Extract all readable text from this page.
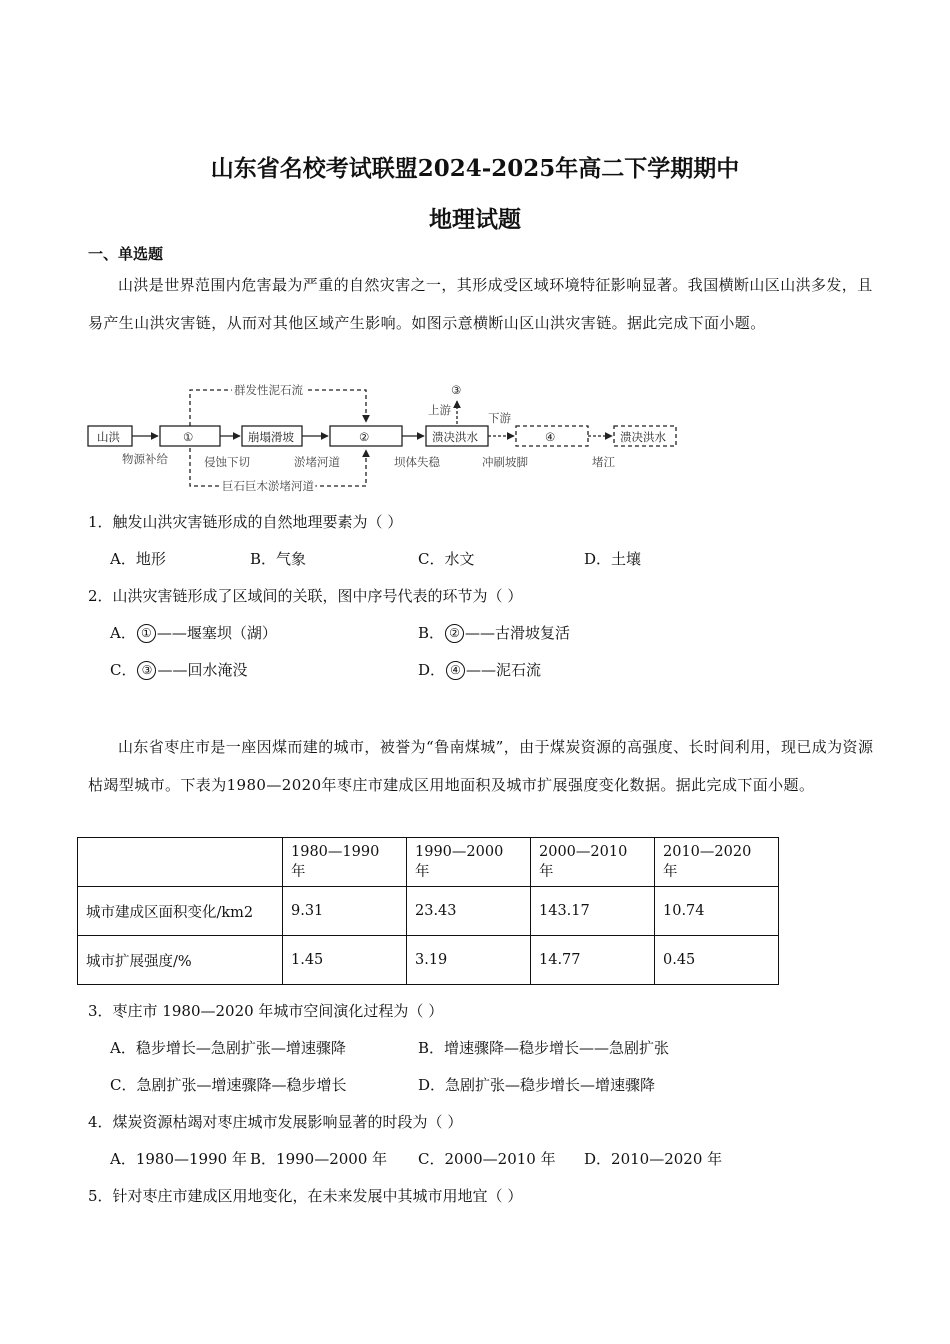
山东省名校考试联盟2024-2025年高二下学期期中
地理试题
一、单选题
山洪是世界范围内危害最为严重的自然灾害之一，其形成受区域环境特征影响显著。我国横断山区山洪多发，且易产生山洪灾害链，从而对其他区域产生影响。如图示意横断山区山洪灾害链。据此完成下面小题。
群发性泥石流
巨石巨木淤堵河道
山洪	①	崩塌滑坡	②	溃决洪水	④	溃决洪水
③
上游
下游
物源补给	侵蚀下切	淤堵河道	坝体失稳	冲刷坡脚	堵江
1．触发山洪灾害链形成的自然地理要素为（ ）
A．地形	B．气象	C．水文	D．土壤
2．山洪灾害链形成了区域间的关联，图中序号代表的环节为（ ）
A． ① ——堰塞坝（湖）	B． ② ——古滑坡复活
C． ③ ——回水淹没	D． ④ ——泥石流
山东省枣庄市是一座因煤而建的城市，被誉为“鲁南煤城”，由于煤炭资源的高强度、长时间利用，现已成为资源枯竭型城市。下表为1980—2020年枣庄市建成区用地面积及城市扩展强度变化数据。据此完成下面小题。
	1980—1990 年	1990—2000 年	2000—2010 年	2010—2020 年
城市建成区面积变化/km2	9.31	23.43	143.17	10.74
城市扩展强度/%	1.45	3.19	14.77	0.45
3．枣庄市 1980—2020 年城市空间演化过程为（ ）
A．稳步增长—急剧扩张—增速骤降	B．增速骤降—稳步增长——急剧扩张
C．急剧扩张—增速骤降—稳步增长	D．急剧扩张—稳步增长—增速骤降
4．煤炭资源枯竭对枣庄城市发展影响显著的时段为（ ）
A．1980—1990 年 B．1990—2000 年 C．2000—2010 年 D．2010—2020 年
5．针对枣庄市建成区用地变化，在未来发展中其城市用地宜（ ）
